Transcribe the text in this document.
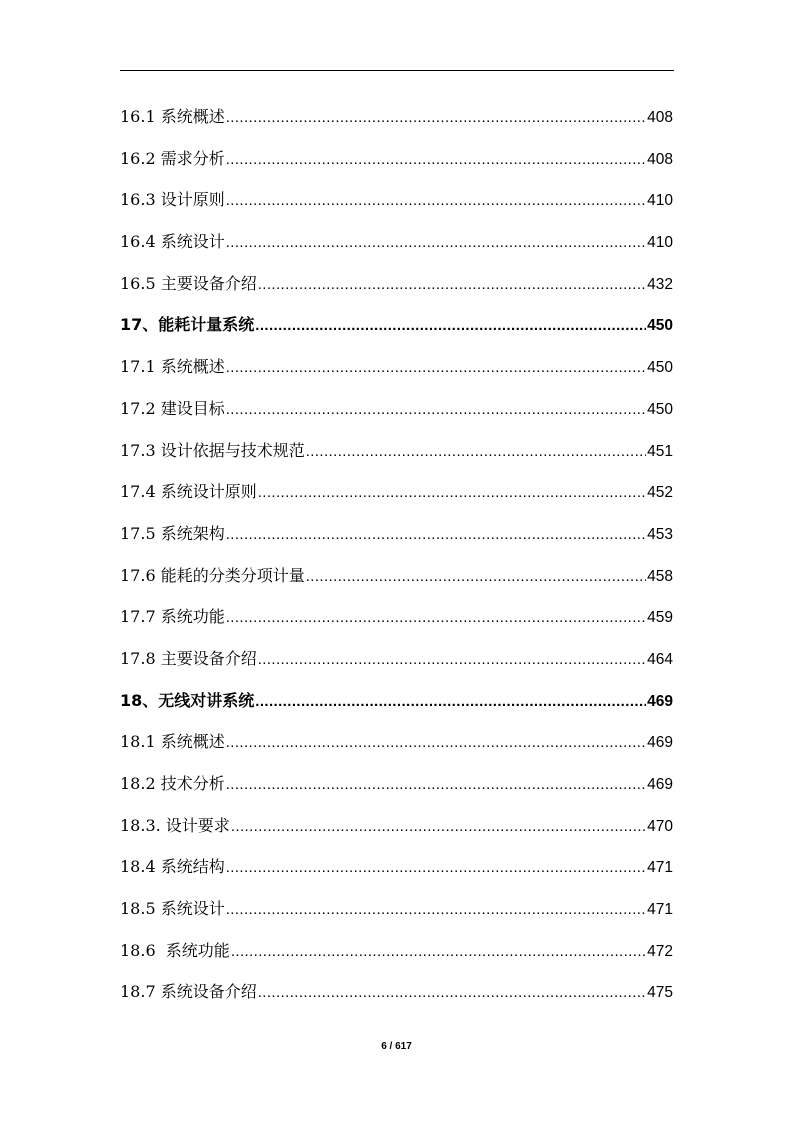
16.1 系统概述 .....	408
16.2 需求分析 .....	408
16.3 设计原则 .....	410
16.4 系统设计 .....	410
16.5 主要设备介绍 .....	432
17、能耗计量系统 .....	450
17.1 系统概述 .....	450
17.2 建设目标 .....	450
17.3 设计依据与技术规范 .....	451
17.4 系统设计原则 .....	452
17.5 系统架构 .....	453
17.6 能耗的分类分项计量 .....	458
17.7 系统功能 .....	459
17.8 主要设备介绍 .....	464
18、无线对讲系统 .....	469
18.1 系统概述 .....	469
18.2 技术分析 .....	469
18.3. 设计要求 .....	470
18.4 系统结构 .....	471
18.5 系统设计 .....	471
18.6  系统功能 .....	472
18.7 系统设备介绍 .....	475
6 / 617
